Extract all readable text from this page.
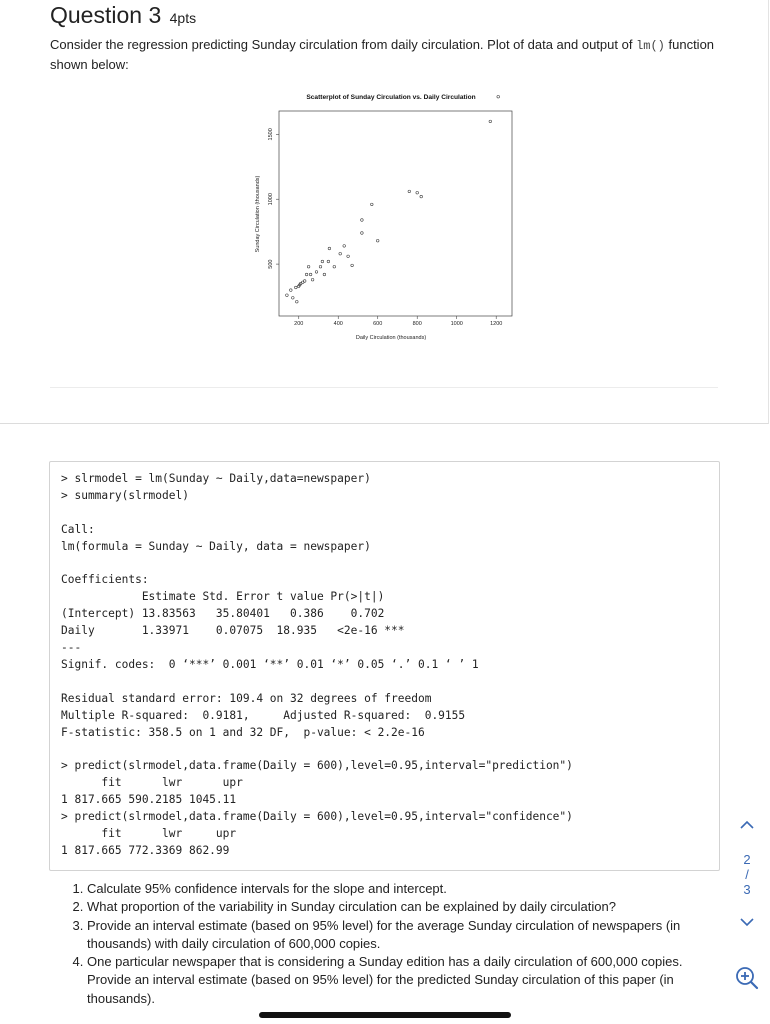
Question 3 4pts
Consider the regression predicting Sunday circulation from daily circulation. Plot of data and output of lm() function shown below:
Scatterplot of Sunday Circulation vs. Daily Circulation
200	400	600	800	1000	1200
500
1000
1500
Daily Circulation (thousands)
Sunday Circulation (thousands)
> slrmodel = lm(Sunday ~ Daily,data=newspaper)
> summary(slrmodel)
Call:
lm(formula = Sunday ~ Daily, data = newspaper)
Coefficients:
Estimate Std. Error t value Pr(>|t|)
(Intercept) 13.83563   35.80401   0.386    0.702
Daily       1.33971    0.07075  18.935   <2e-16 ***
---
Signif. codes:  0 ‘***’ 0.001 ‘**’ 0.01 ‘*’ 0.05 ‘.’ 0.1 ‘ ’ 1
Residual standard error: 109.4 on 32 degrees of freedom
Multiple R-squared:  0.9181,     Adjusted R-squared:  0.9155
F-statistic: 358.5 on 1 and 32 DF,  p-value: < 2.2e-16
> predict(slrmodel,data.frame(Daily = 600),level=0.95,interval="prediction")
fit      lwr      upr
1 817.665 590.2185 1045.11
> predict(slrmodel,data.frame(Daily = 600),level=0.95,interval="confidence")
fit      lwr     upr
1 817.665 772.3369 862.99
1. Calculate 95% confidence intervals for the slope and intercept.
2. What proportion of the variability in Sunday circulation can be explained by daily circulation?
3. Provide an interval estimate (based on 95% level) for the average Sunday circulation of newspapers (in thousands) with daily circulation of 600,000 copies.
4. One particular newspaper that is considering a Sunday edition has a daily circulation of 600,000 copies. Provide an interval estimate (based on 95% level) for the predicted Sunday circulation of this paper (in thousands).
2
/
3
